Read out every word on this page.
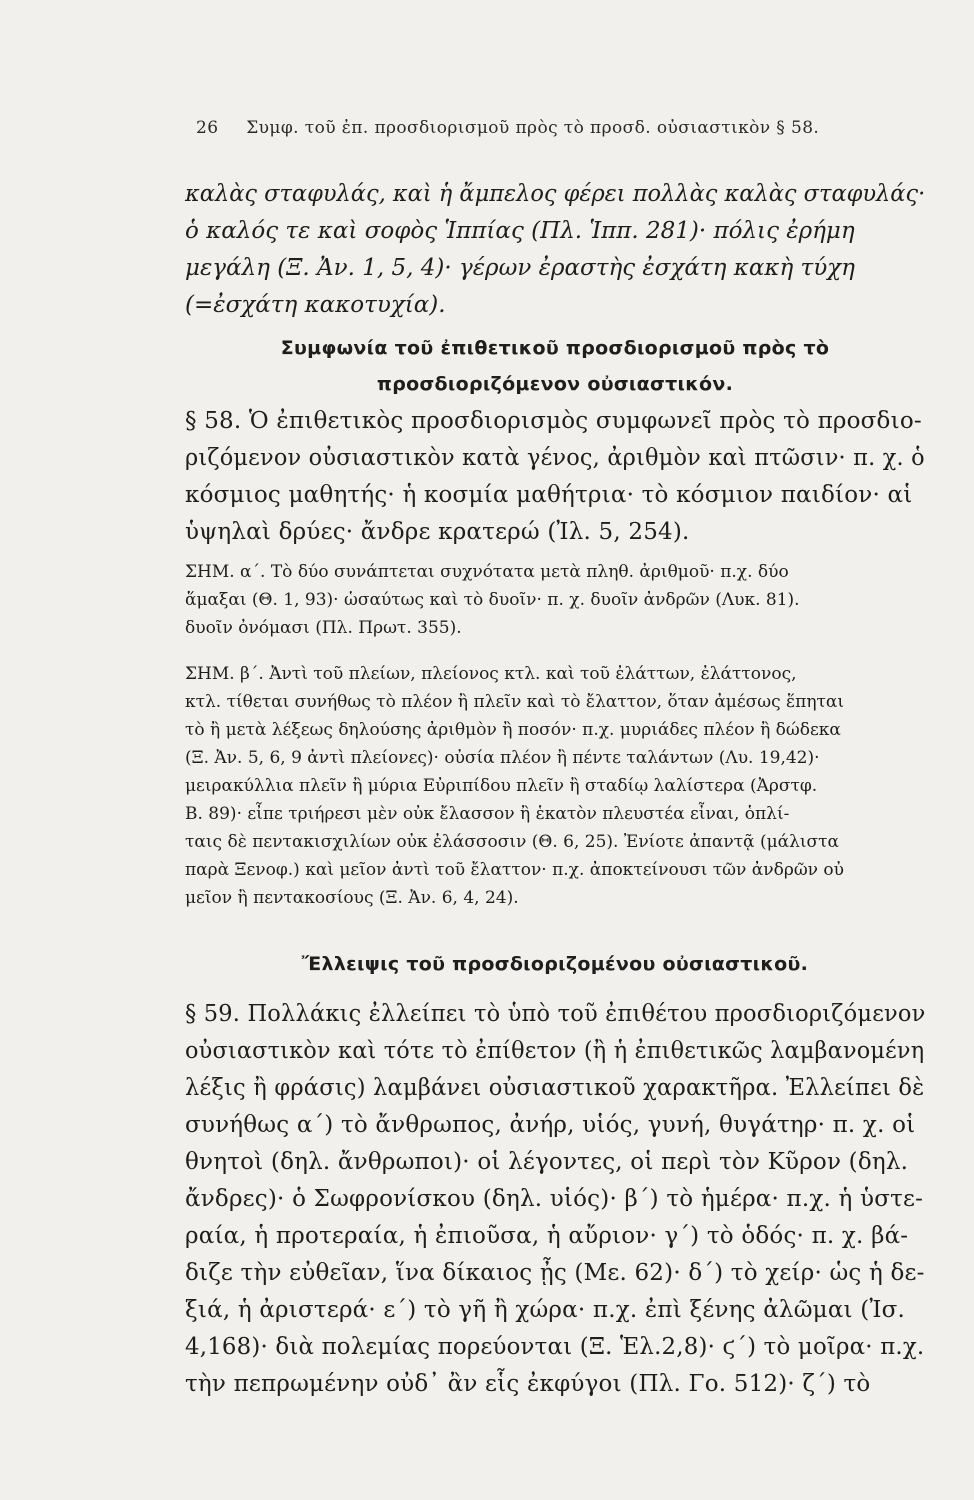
26 Συμφ. τοῦ ἐπ. προσδιορισμοῦ πρὸς τὸ προσδ. οὐσιαστικὸν § 58.
καλὰς σταφυλάς, καὶ ἡ ἄμπελος φέρει πολλὰς καλὰς σταφυλάς·
ὁ καλός τε καὶ σοφὸς Ἱππίας (Πλ. Ἱππ. 281)· πόλις ἐρήμη
μεγάλη (Ξ. Ἀν. 1, 5, 4)· γέρων ἐραστὴς ἐσχάτη κακὴ τύχη
(=ἐσχάτη κακοτυχία).
Συμφωνία τοῦ ἐπιθετικοῦ προσδιορισμοῦ πρὸς τὸ
προσδιοριζόμενον οὐσιαστικόν.
§ 58. Ὁ ἐπιθετικὸς προσδιορισμὸς συμφωνεῖ πρὸς τὸ προσδιο-
ριζόμενον οὐσιαστικὸν κατὰ γένος, ἀριθμὸν καὶ πτῶσιν· π. χ. ὁ
κόσμιος μαθητής· ἡ κοσμία μαθήτρια· τὸ κόσμιον παιδίον· αἱ
ὑψηλαὶ δρύες· ἄνδρε κρατερώ (Ἰλ. 5, 254).
ΣΗΜ. α΄. Τὸ δύο συνάπτεται συχνότατα μετὰ πληθ. ἀριθμοῦ· π.χ. δύο
ἅμαξαι (Θ. 1, 93)· ὡσαύτως καὶ τὸ δυοῖν· π. χ. δυοῖν ἀνδρῶν (Λυκ. 81).
δυοῖν ὀνόμασι (Πλ. Πρωτ. 355).
ΣΗΜ. β΄. Ἀντὶ τοῦ πλείων, πλείονος κτλ. καὶ τοῦ ἐλάττων, ἐλάττονος,
κτλ. τίθεται συνήθως τὸ πλέον ἢ πλεῖν καὶ τὸ ἔλαττον, ὅταν ἀμέσως ἕπηται
τὸ ἢ μετὰ λέξεως δηλούσης ἀριθμὸν ἢ ποσόν· π.χ. μυριάδες πλέον ἢ δώδεκα
(Ξ. Ἀν. 5, 6, 9 ἀντὶ πλείονες)· οὐσία πλέον ἢ πέντε ταλάντων (Λυ. 19,42)·
μειρακύλλια πλεῖν ἢ μύρια Εὐριπίδου πλεῖν ἢ σταδίῳ λαλίστερα (Ἀρστφ.
Β. 89)· εἶπε τριήρεσι μὲν οὐκ ἔλασσον ἢ ἑκατὸν πλευστέα εἶναι, ὁπλί-
ταις δὲ πεντακισχιλίων οὐκ ἐλάσσοσιν (Θ. 6, 25). Ἐνίοτε ἀπαντᾷ (μάλιστα
παρὰ Ξενοφ.) καὶ μεῖον ἀντὶ τοῦ ἔλαττον· π.χ. ἀποκτείνουσι τῶν ἀνδρῶν οὐ
μεῖον ἢ πεντακοσίους (Ξ. Ἀν. 6, 4, 24).
Ἔλλειψις τοῦ προσδιοριζομένου οὐσιαστικοῦ.
§ 59. Πολλάκις ἐλλείπει τὸ ὑπὸ τοῦ ἐπιθέτου προσδιοριζόμενον
οὐσιαστικὸν καὶ τότε τὸ ἐπίθετον (ἢ ἡ ἐπιθετικῶς λαμβανομένη
λέξις ἢ φράσις) λαμβάνει οὐσιαστικοῦ χαρακτῆρα. Ἐλλείπει δὲ
συνήθως α΄) τὸ ἄνθρωπος, ἀνήρ, υἱός, γυνή, θυγάτηρ· π. χ. οἱ
θνητοὶ (δηλ. ἄνθρωποι)· οἱ λέγοντες, οἱ περὶ τὸν Κῦρον (δηλ.
ἄνδρες)· ὁ Σωφρονίσκου (δηλ. υἱός)· β΄) τὸ ἡμέρα· π.χ. ἡ ὑστε-
ραία, ἡ προτεραία, ἡ ἐπιοῦσα, ἡ αὔριον· γ΄) τὸ ὁδός· π. χ. βά-
διζε τὴν εὐθεῖαν, ἵνα δίκαιος ᾖς (Με. 62)· δ΄) τὸ χείρ· ὡς ἡ δε-
ξιά, ἡ ἀριστερά· ε΄) τὸ γῆ ἢ χώρα· π.χ. ἐπὶ ξένης ἀλῶμαι (Ἰσ.
4,168)· διὰ πολεμίας πορεύονται (Ξ. Ἑλ.2,8)· ϛ΄) τὸ μοῖρα· π.χ.
τὴν πεπρωμένην οὐδ᾽ ἂν εἷς ἐκφύγοι (Πλ. Γο. 512)· ζ΄) τὸ
